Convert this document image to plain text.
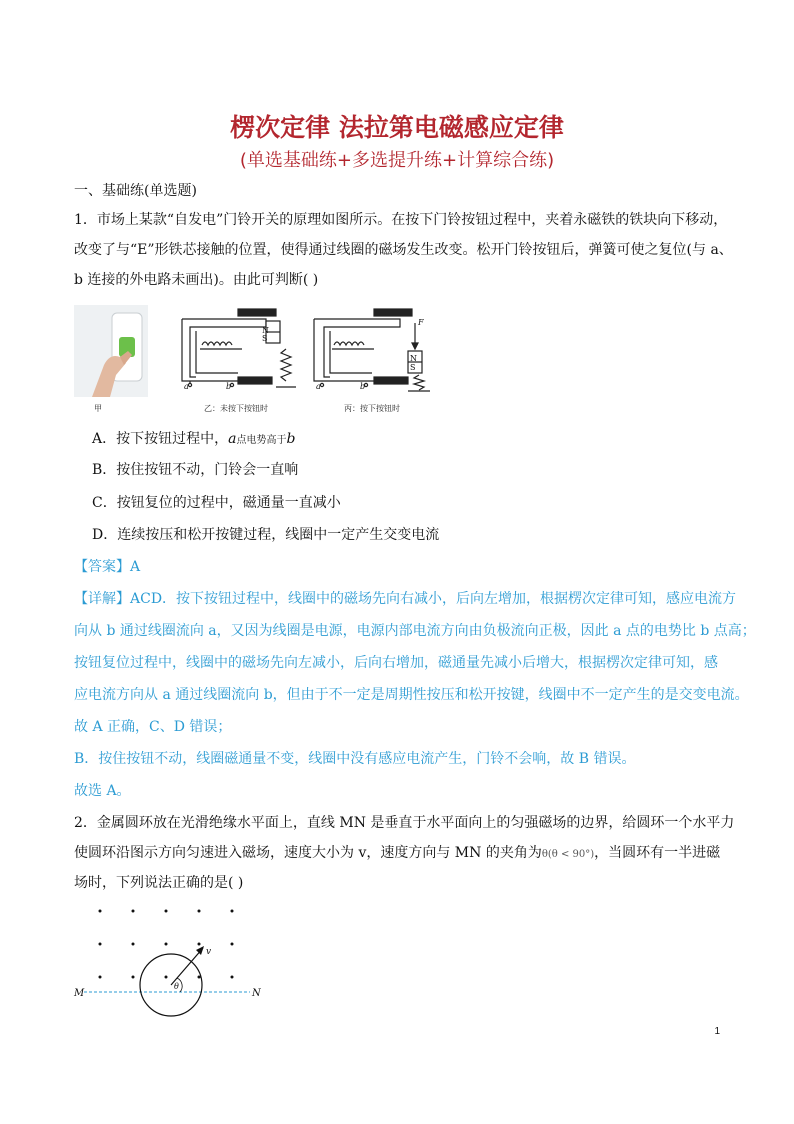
楞次定律 法拉第电磁感应定律
(单选基础练+多选提升练+计算综合练)
一、基础练(单选题)
1．市场上某款“自发电”门铃开关的原理如图所示。在按下门铃按钮过程中，夹着永磁铁的铁块向下移动，
改变了与“E”形铁芯接触的位置，使得通过线圈的磁场发生改变。松开门铃按钮后，弹簧可使之复位(与 a、
b 连接的外电路未画出)。由此可判断( )
N
S
a	b
F
N
S
a	b
甲	乙：未按下按钮时	丙：按下按钮时
A．按下按钮过程中，a点电势高于b
B．按住按钮不动，门铃会一直响
C．按钮复位的过程中，磁通量一直减小
D．连续按压和松开按键过程，线圈中一定产生交变电流
【答案】A
【详解】ACD．按下按钮过程中，线圈中的磁场先向右减小，后向左增加，根据楞次定律可知，感应电流方
向从 b 通过线圈流向 a，又因为线圈是电源，电源内部电流方向由负极流向正极，因此 a 点的电势比 b 点高；
按钮复位过程中，线圈中的磁场先向左减小，后向右增加，磁通量先减小后增大，根据楞次定律可知，感
应电流方向从 a 通过线圈流向 b，但由于不一定是周期性按压和松开按键，线圈中不一定产生的是交变电流。
故 A 正确，C、D 错误；
B．按住按钮不动，线圈磁通量不变，线圈中没有感应电流产生，门铃不会响，故 B 错误。
故选 A。
2．金属圆环放在光滑绝缘水平面上，直线 MN 是垂直于水平面向上的匀强磁场的边界，给圆环一个水平力
使圆环沿图示方向匀速进入磁场，速度大小为 v，速度方向与 MN 的夹角为θ(θ < 90°)，当圆环有一半进磁
场时，下列说法正确的是( )
M	N
v
θ
1
